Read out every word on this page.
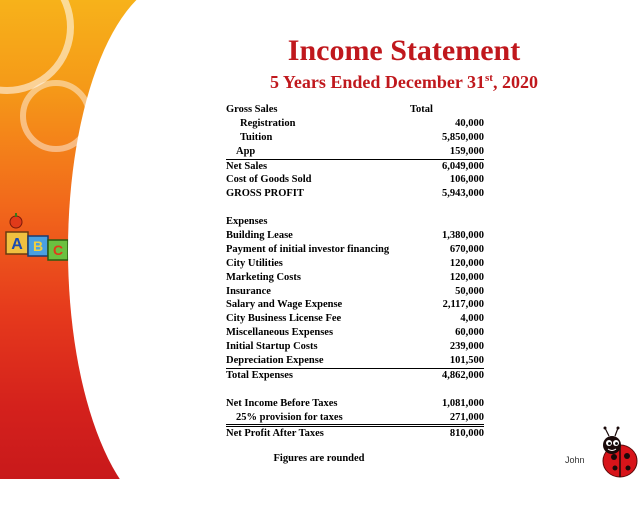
A B C
Income Statement
5 Years Ended December 31st, 2020
Gross Sales	Total
Registration	40,000
Tuition	5,850,000
App	159,000
Net Sales	6,049,000
Cost of Goods Sold	106,000
GROSS PROFIT	5,943,000
Expenses
Building Lease	1,380,000
Payment of initial investor financing	670,000
City Utilities	120,000
Marketing Costs	120,000
Insurance	50,000
Salary and Wage Expense	2,117,000
City Business License Fee	4,000
Miscellaneous Expenses	60,000
Initial Startup Costs	239,000
Depreciation Expense	101,500
Total Expenses	4,862,000
Net Income Before Taxes	1,081,000
25% provision for taxes	271,000
Net Profit After Taxes	810,000
Figures are rounded	John
